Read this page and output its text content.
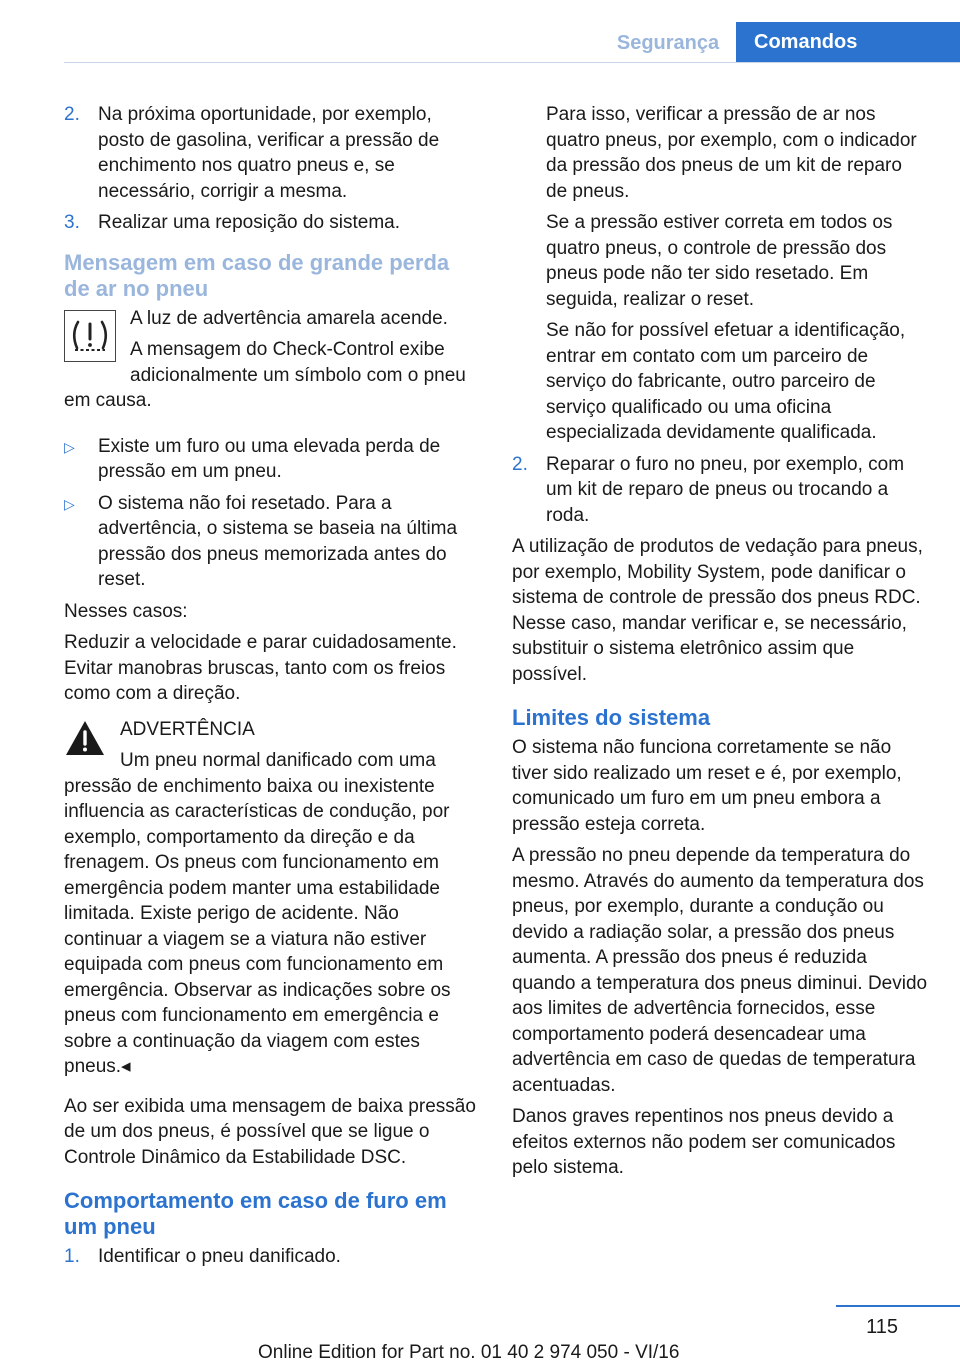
Segurança	Comandos
2. Na próxima oportunidade, por exemplo, posto de gasolina, verificar a pressão de enchimento nos quatro pneus e, se necessário, corrigir a mesma.
3. Realizar uma reposição do sistema.
Mensagem em caso de grande perda de ar no pneu

A luz de advertência amarela acende.

A mensagem do Check-Control exibe adicionalmente um símbolo com o pneu em causa.

▷	Existe um furo ou uma elevada perda de pressão em um pneu.
▷	O sistema não foi resetado. Para a advertência, o sistema se baseia na última pressão dos pneus memorizada antes do reset.

Nesses casos:

Reduzir a velocidade e parar cuidadosamente. Evitar manobras bruscas, tanto com os freios como com a direção.

ADVERTÊNCIA

Um pneu normal danificado com uma pressão de enchimento baixa ou inexistente influencia as características de condução, por exemplo, comportamento da direção e da frenagem. Os pneus com funcionamento em emergência podem manter uma estabilidade limitada. Existe perigo de acidente. Não continuar a viagem se a viatura não estiver equipada com pneus com funcionamento em emergência. Observar as indicações sobre os pneus com funcionamento em emergência e sobre a continuação da viagem com estes pneus.◂

Ao ser exibida uma mensagem de baixa pressão de um dos pneus, é possível que se ligue o Controle Dinâmico da Estabilidade DSC.

Comportamento em caso de furo em um pneu
1. Identificar o pneu danificado.

Para isso, verificar a pressão de ar nos quatro pneus, por exemplo, com o indicador da pressão dos pneus de um kit de reparo de pneus.

Se a pressão estiver correta em todos os quatro pneus, o controle de pressão dos pneus pode não ter sido resetado. Em seguida, realizar o reset.

Se não for possível efetuar a identificação, entrar em contato com um parceiro de serviço do fabricante, outro parceiro de serviço qualificado ou uma oficina especializada devidamente qualificada.

2. Reparar o furo no pneu, por exemplo, com um kit de reparo de pneus ou trocando a roda.

A utilização de produtos de vedação para pneus, por exemplo, Mobility System, pode danificar o sistema de controle de pressão dos pneus RDC. Nesse caso, mandar verificar e, se necessário, substituir o sistema eletrônico assim que possível.

Limites do sistema

O sistema não funciona corretamente se não tiver sido realizado um reset e é, por exemplo, comunicado um furo em um pneu embora a pressão esteja correta.

A pressão no pneu depende da temperatura do mesmo. Através do aumento da temperatura dos pneus, por exemplo, durante a condução ou devido a radiação solar, a pressão dos pneus aumenta. A pressão dos pneus é reduzida quando a temperatura dos pneus diminui. Devido aos limites de advertência fornecidos, esse comportamento poderá desencadear uma advertência em caso de quedas de temperatura acentuadas.

Danos graves repentinos nos pneus devido a efeitos externos não podem ser comunicados pelo sistema.

115
Online Edition for Part no. 01 40 2 974 050 - VI/16
